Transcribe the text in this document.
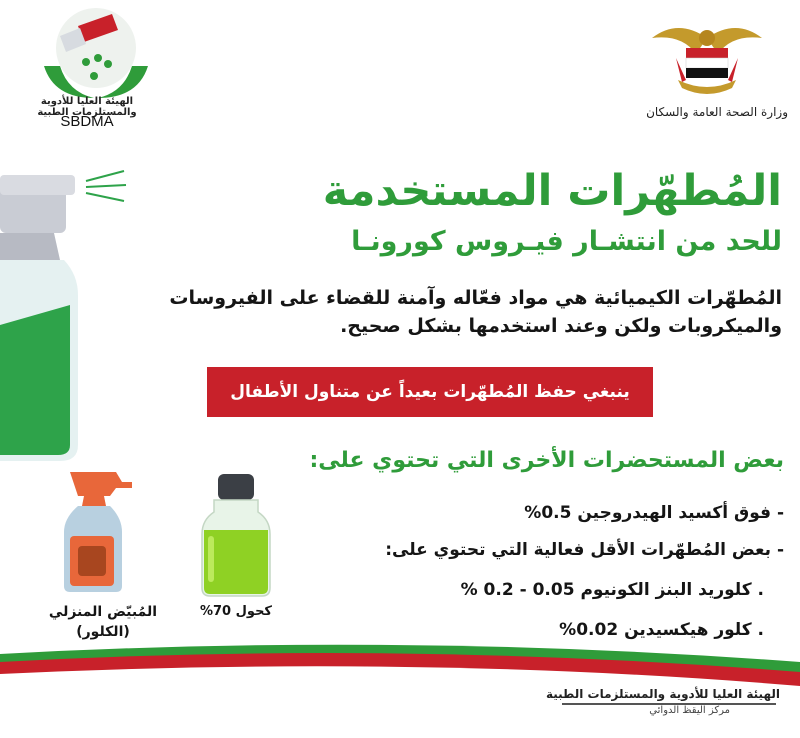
الهيئة العليا للأدوية والمستلزمات الطبية
SBDMA
وزارة الصحة العامة والسكان
المُطهّرات المستخدمة
للحد من انتشـار فيـروس كورونـا
المُطهّرات الكيميائية هي مواد فعّاله وآمنة للقضاء على الفيروسات والميكروبات ولكن وعند استخدمها بشكل صحيح.
ينبغي حفظ المُطهّرات بعيداً عن متناول الأطفال
بعض المستحضرات الأخرى التي تحتوي على:
- فوق أكسيد الهيدروجين 0.5%
- بعض المُطهّرات الأقل فعالية التي تحتوي على:
. كلوريد البنز الكونيوم 0.05 - 0.2 %
. كلور هيكسيدين 0.02%
كحول 70%
المُبيّض المنزلي
(الكلور)
الهيئة العليا للأدوية والمستلزمات الطبية
مركز اليقظ الدوائي
